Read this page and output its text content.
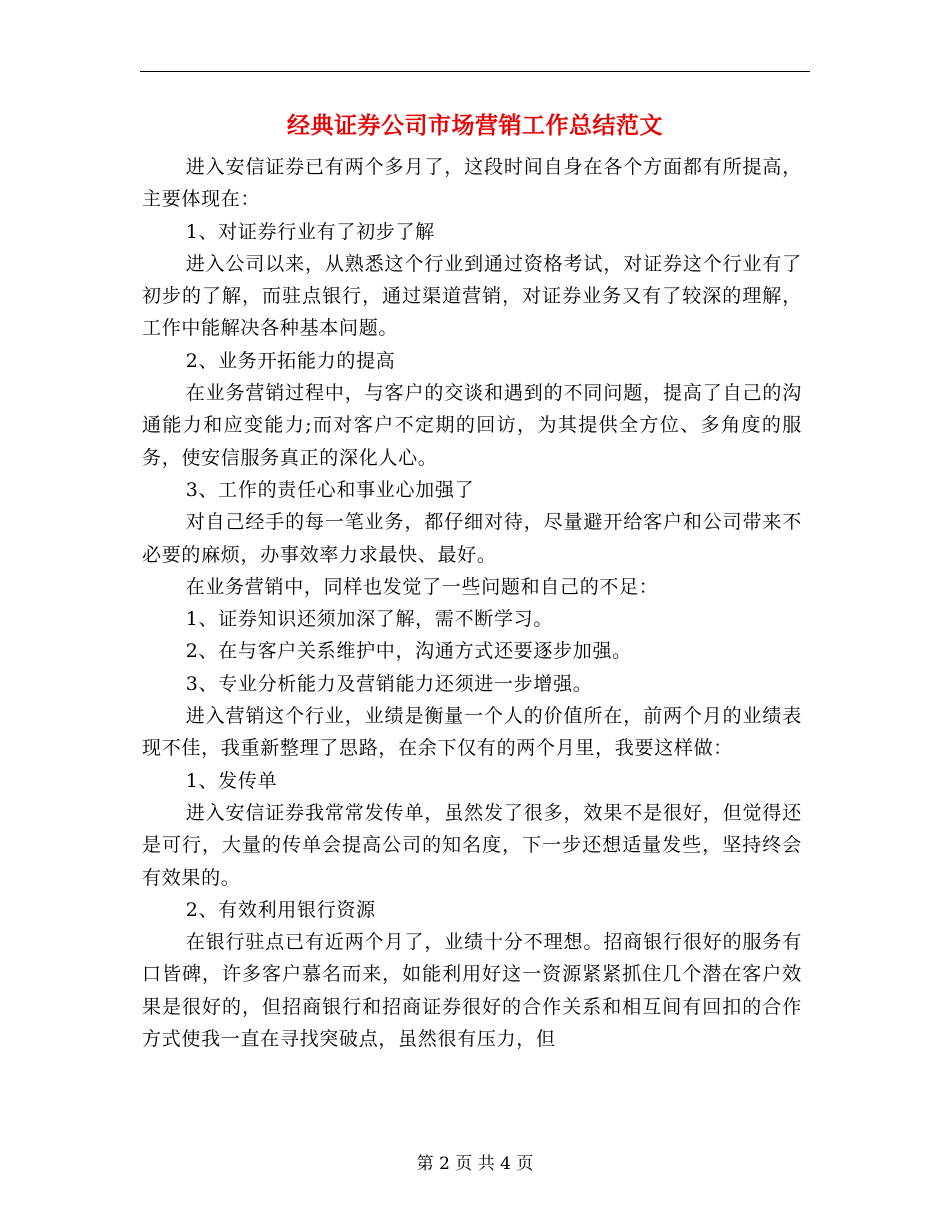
经典证券公司市场营销工作总结范文

进入安信证券已有两个多月了，这段时间自身在各个方面都有所提高，主要体现在：

1、对证券行业有了初步了解

进入公司以来，从熟悉这个行业到通过资格考试，对证券这个行业有了初步的了解，而驻点银行，通过渠道营销，对证券业务又有了较深的理解，工作中能解决各种基本问题。

2、业务开拓能力的提高

在业务营销过程中，与客户的交谈和遇到的不同问题，提高了自己的沟通能力和应变能力;而对客户不定期的回访，为其提供全方位、多角度的服务，使安信服务真正的深化人心。

3、工作的责任心和事业心加强了

对自己经手的每一笔业务，都仔细对待，尽量避开给客户和公司带来不必要的麻烦，办事效率力求最快、最好。

在业务营销中，同样也发觉了一些问题和自己的不足：

1、证券知识还须加深了解，需不断学习。

2、在与客户关系维护中，沟通方式还要逐步加强。

3、专业分析能力及营销能力还须进一步增强。

进入营销这个行业，业绩是衡量一个人的价值所在，前两个月的业绩表现不佳，我重新整理了思路，在余下仅有的两个月里，我要这样做：

1、发传单

进入安信证券我常常发传单，虽然发了很多，效果不是很好，但觉得还是可行，大量的传单会提高公司的知名度，下一步还想适量发些，坚持终会有效果的。

2、有效利用银行资源

在银行驻点已有近两个月了，业绩十分不理想。招商银行很好的服务有口皆碑，许多客户慕名而来，如能利用好这一资源紧紧抓住几个潜在客户效果是很好的，但招商银行和招商证券很好的合作关系和相互间有回扣的合作方式使我一直在寻找突破点，虽然很有压力，但

第 2 页 共 4 页
